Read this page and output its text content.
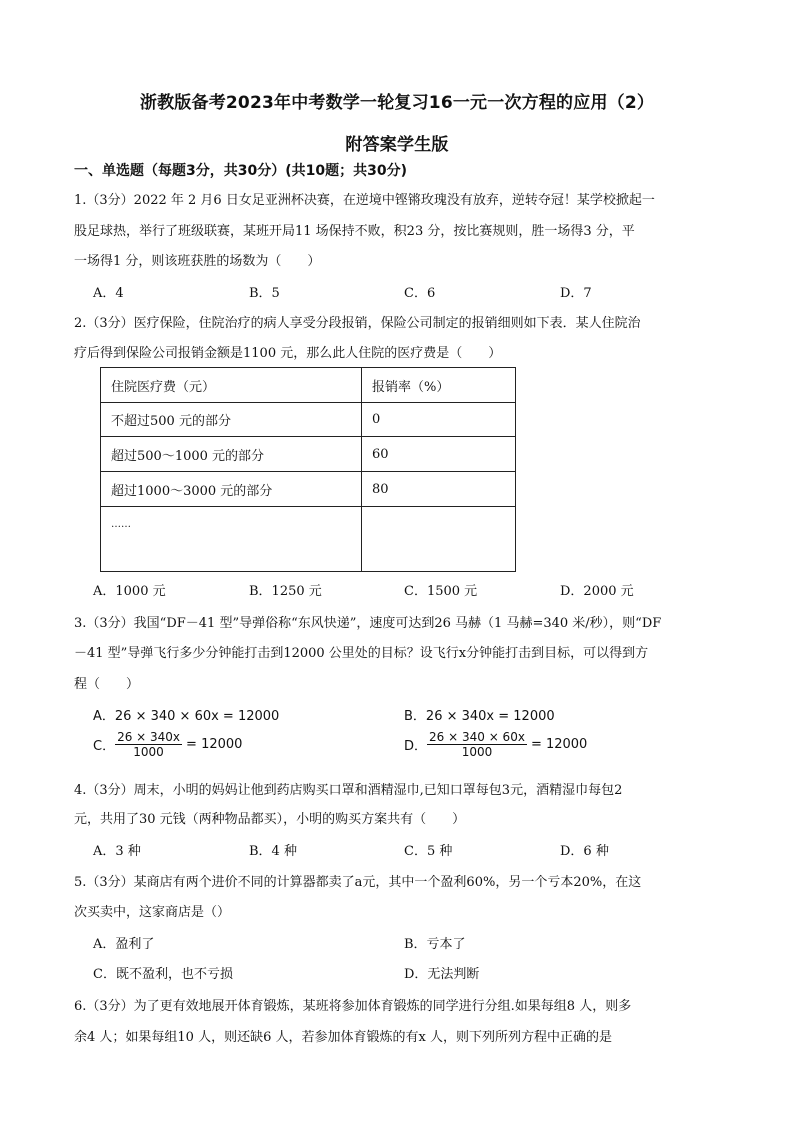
浙教版备考2023年中考数学一轮复习16一元一次方程的应用（2）
附答案学生版
一、单选题（每题3分，共30分）(共10题；共30分)
1.（3分）2022 年 2 月6 日女足亚洲杯决赛，在逆境中铿锵玫瑰没有放弃，逆转夺冠！某学校掀起一
股足球热，举行了班级联赛，某班开局11 场保持不败，积23 分，按比赛规则，胜一场得3 分，平
一场得1 分，则该班获胜的场数为（　　）
A．4	B．5	C．6	D．7
2.（3分）医疗保险，住院治疗的病人享受分段报销，保险公司制定的报销细则如下表．某人住院治
疗后得到保险公司报销金额是1100 元，那么此人住院的医疗费是（　　）
住院医疗费（元）	报销率（%）
不超过500 元的部分	0
超过500～1000 元的部分	60
超过1000～3000 元的部分	80
……	
A．1000 元	B．1250 元	C．1500 元	D．2000 元
3.（3分）我国“DF－41 型”导弹俗称“东风快递”，速度可达到26 马赫（1 马赫=340 米/秒），则“DF
－41 型”导弹飞行多少分钟能打击到12000 公里处的目标？设飞行x分钟能打击到目标，可以得到方
程（　　）
A．26 × 340 × 60x = 12000	B．26 × 340x = 12000
C． $\frac{26 \times 340x}{1000} = 12000$	D． $\frac{26 \times 340 \times 60x}{1000} = 12000$
4.（3分）周末，小明的妈妈让他到药店购买口罩和酒精湿巾,已知口罩每包3元，酒精湿巾每包2
元，共用了30 元钱（两种物品都买），小明的购买方案共有（　　）
A．3 种	B．4 种	C．5 种	D．6 种
5.（3分）某商店有两个进价不同的计算器都卖了a元，其中一个盈利60%，另一个亏本20%，在这
次买卖中，这家商店是（）
A．盈利了	B．亏本了
C．既不盈利，也不亏损	D．无法判断
6.（3分）为了更有效地展开体育锻炼，某班将参加体育锻炼的同学进行分组.如果每组8 人，则多
余4 人；如果每组10 人，则还缺6 人，若参加体育锻炼的有x 人，则下列所列方程中正确的是
